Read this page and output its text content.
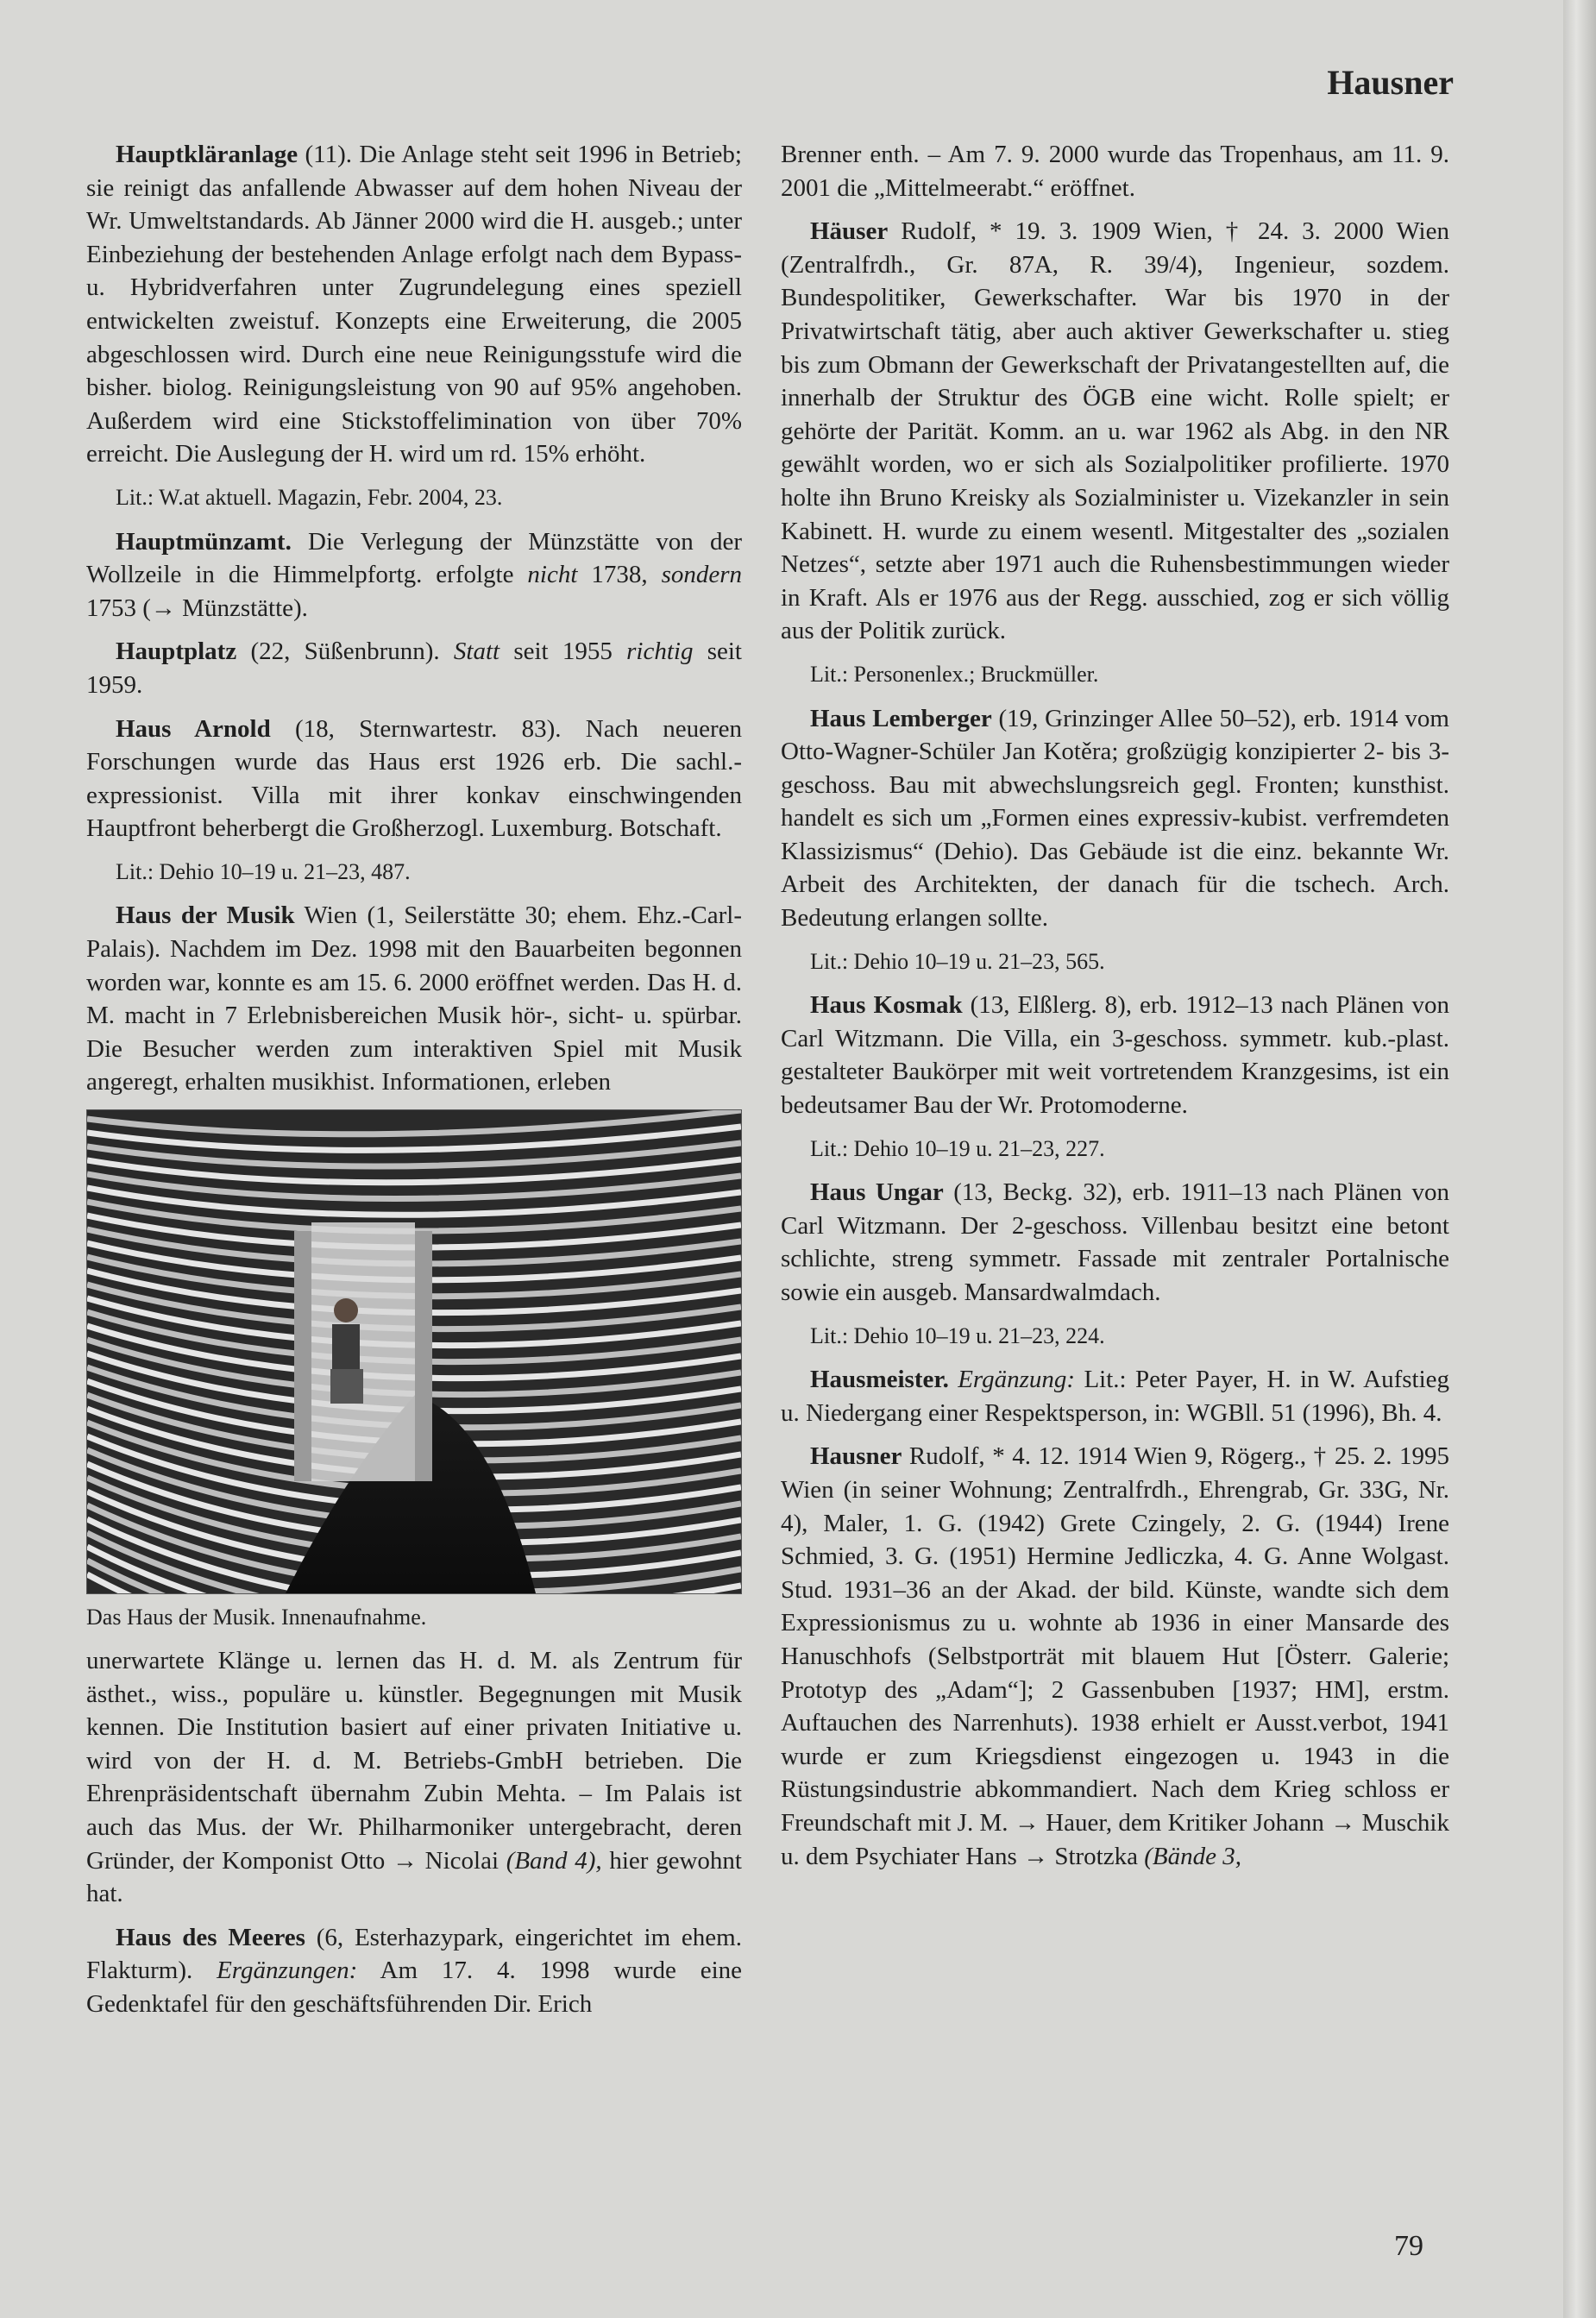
Hausner

Hauptkläranlage (11). Die Anlage steht seit 1996 in Betrieb; sie reinigt das anfallende Abwasser auf dem hohen Niveau der Wr. Umweltstandards. Ab Jänner 2000 wird die H. ausgeb.; unter Einbeziehung der bestehenden Anlage erfolgt nach dem Bypass- u. Hybridverfahren unter Zugrundelegung eines speziell entwickelten zweistuf. Konzepts eine Erweiterung, die 2005 abgeschlossen wird. Durch eine neue Reinigungsstufe wird die bisher. biolog. Reinigungsleistung von 90 auf 95% angehoben. Außerdem wird eine Stickstoffelimination von über 70% erreicht. Die Auslegung der H. wird um rd. 15% erhöht.

Lit.: W.at aktuell. Magazin, Febr. 2004, 23.

Hauptmünzamt. Die Verlegung der Münzstätte von der Wollzeile in die Himmelpfortg. erfolgte nicht 1738, sondern 1753 (→ Münzstätte).

Hauptplatz (22, Süßenbrunn). Statt seit 1955 richtig seit 1959.

Haus Arnold (18, Sternwartestr. 83). Nach neueren Forschungen wurde das Haus erst 1926 erb. Die sachl.-expressionist. Villa mit ihrer konkav einschwingenden Hauptfront beherbergt die Großherzogl. Luxemburg. Botschaft.

Lit.: Dehio 10–19 u. 21–23, 487.

Haus der Musik Wien (1, Seilerstätte 30; ehem. Ehz.-Carl-Palais). Nachdem im Dez. 1998 mit den Bauarbeiten begonnen worden war, konnte es am 15. 6. 2000 eröffnet werden. Das H. d. M. macht in 7 Erlebnisbereichen Musik hör-, sicht- u. spürbar. Die Besucher werden zum interaktiven Spiel mit Musik angeregt, erhalten musikhist. Informationen, erleben

Das Haus der Musik. Innenaufnahme.

unerwartete Klänge u. lernen das H. d. M. als Zentrum für ästhet., wiss., populäre u. künstler. Begegnungen mit Musik kennen. Die Institution basiert auf einer privaten Initiative u. wird von der H. d. M. Betriebs-GmbH betrieben. Die Ehrenpräsidentschaft übernahm Zubin Mehta. – Im Palais ist auch das Mus. der Wr. Philharmoniker untergebracht, deren Gründer, der Komponist Otto → Nicolai (Band 4), hier gewohnt hat.

Haus des Meeres (6, Esterhazypark, eingerichtet im ehem. Flakturm). Ergänzungen: Am 17. 4. 1998 wurde eine Gedenktafel für den geschäftsführenden Dir. Erich

Brenner enth. – Am 7. 9. 2000 wurde das Tropenhaus, am 11. 9. 2001 die „Mittelmeerabt.“ eröffnet.

Häuser Rudolf, * 19. 3. 1909 Wien, † 24. 3. 2000 Wien (Zentralfrdh., Gr. 87A, R. 39/4), Ingenieur, sozdem. Bundespolitiker, Gewerkschafter. War bis 1970 in der Privatwirtschaft tätig, aber auch aktiver Gewerkschafter u. stieg bis zum Obmann der Gewerkschaft der Privatangestellten auf, die innerhalb der Struktur des ÖGB eine wicht. Rolle spielt; er gehörte der Parität. Komm. an u. war 1962 als Abg. in den NR gewählt worden, wo er sich als Sozialpolitiker profilierte. 1970 holte ihn Bruno Kreisky als Sozialminister u. Vizekanzler in sein Kabinett. H. wurde zu einem wesentl. Mitgestalter des „sozialen Netzes“, setzte aber 1971 auch die Ruhensbestimmungen wieder in Kraft. Als er 1976 aus der Regg. ausschied, zog er sich völlig aus der Politik zurück.

Lit.: Personenlex.; Bruckmüller.

Haus Lemberger (19, Grinzinger Allee 50–52), erb. 1914 vom Otto-Wagner-Schüler Jan Kotěra; großzügig konzipierter 2- bis 3-geschoss. Bau mit abwechslungsreich gegl. Fronten; kunsthist. handelt es sich um „Formen eines expressiv-kubist. verfremdeten Klassizismus“ (Dehio). Das Gebäude ist die einz. bekannte Wr. Arbeit des Architekten, der danach für die tschech. Arch. Bedeutung erlangen sollte.

Lit.: Dehio 10–19 u. 21–23, 565.

Haus Kosmak (13, Elßlerg. 8), erb. 1912–13 nach Plänen von Carl Witzmann. Die Villa, ein 3-geschoss. symmetr. kub.-plast. gestalteter Baukörper mit weit vortretendem Kranzgesims, ist ein bedeutsamer Bau der Wr. Protomoderne.

Lit.: Dehio 10–19 u. 21–23, 227.

Haus Ungar (13, Beckg. 32), erb. 1911–13 nach Plänen von Carl Witzmann. Der 2-geschoss. Villenbau besitzt eine betont schlichte, streng symmetr. Fassade mit zentraler Portalnische sowie ein ausgeb. Mansardwalmdach.

Lit.: Dehio 10–19 u. 21–23, 224.

Hausmeister. Ergänzung: Lit.: Peter Payer, H. in W. Aufstieg u. Niedergang einer Respektsperson, in: WGBll. 51 (1996), Bh. 4.

Hausner Rudolf, * 4. 12. 1914 Wien 9, Rögerg., † 25. 2. 1995 Wien (in seiner Wohnung; Zentralfrdh., Ehrengrab, Gr. 33G, Nr. 4), Maler, 1. G. (1942) Grete Czingely, 2. G. (1944) Irene Schmied, 3. G. (1951) Hermine Jedliczka, 4. G. Anne Wolgast. Stud. 1931–36 an der Akad. der bild. Künste, wandte sich dem Expressionismus zu u. wohnte ab 1936 in einer Mansarde des Hanuschhofs (Selbstporträt mit blauem Hut [Österr. Galerie; Prototyp des „Adam“]; 2 Gassenbuben [1937; HM], erstm. Auftauchen des Narrenhuts). 1938 erhielt er Ausst.verbot, 1941 wurde er zum Kriegsdienst eingezogen u. 1943 in die Rüstungsindustrie abkommandiert. Nach dem Krieg schloss er Freundschaft mit J. M. → Hauer, dem Kritiker Johann → Muschik u. dem Psychiater Hans → Strotzka (Bände 3,

79
